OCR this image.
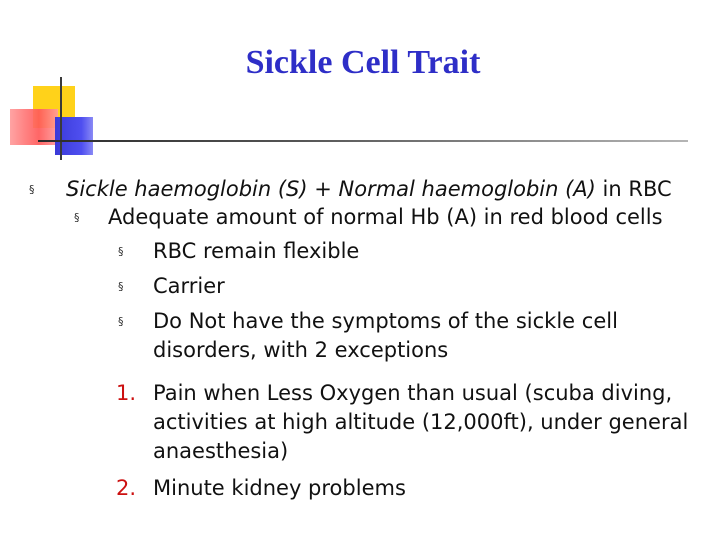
Sickle Cell Trait
§ Sickle haemoglobin (S) + Normal haemoglobin (A) in RBC
§ Adequate amount of normal Hb (A) in red blood cells
§ RBC remain flexible
§ Carrier
§ Do Not have the symptoms of the sickle cell disorders, with 2 exceptions
1. Pain when Less Oxygen than usual (scuba diving, activities at high altitude (12,000ft), under general anaesthesia)
2. Minute kidney problems
